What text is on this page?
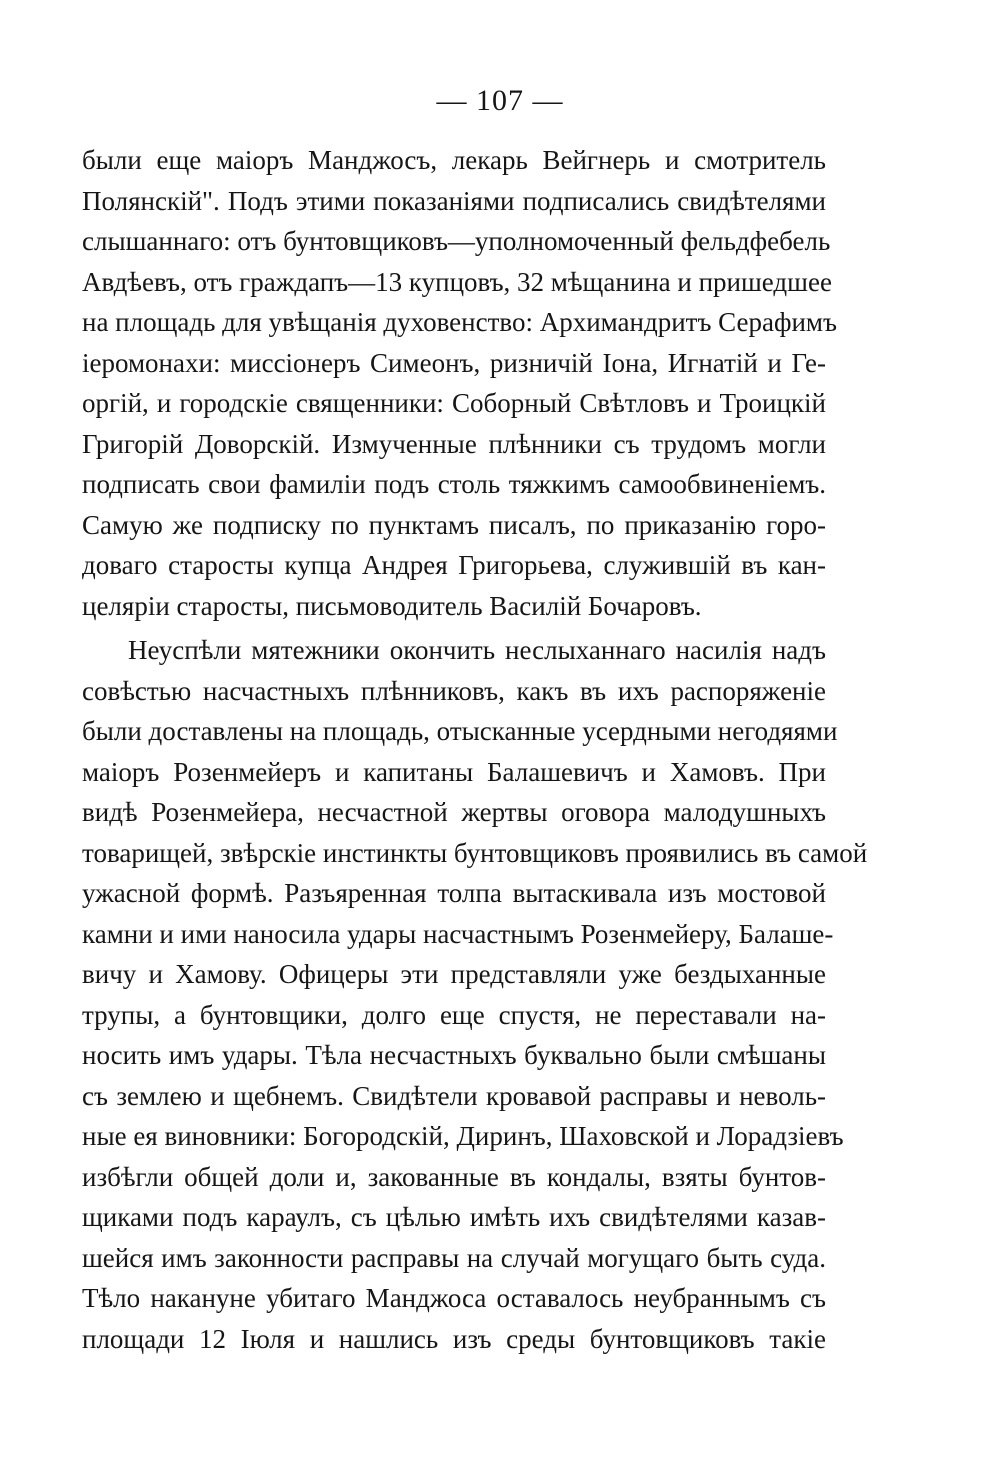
— 107 —
были еще маіоръ Манджосъ, лекарь Вейгнерь и смотритель
Полянскій". Подъ этими показаніями подписались свидѣтелями
слышаннаго: отъ бунтовщиковъ—уполномоченный фельдфебель
Авдѣевъ, отъ граждапъ—13 купцовъ, 32 мѣщанина и пришедшее
на площадь для увѣщанія духовенство: Архимандритъ Серафимъ
іеромонахи: миссіонеръ Симеонъ, ризничій Іона, Игнатій и Ге-
оргій, и городскіе священники: Соборный Свѣтловъ и Троицкій
Григорій Доворскій. Измученные плѣнники съ трудомъ могли
подписать свои фамиліи подъ столь тяжкимъ самообвиненіемъ.
Самую же подписку по пунктамъ писалъ, по приказанію горо-
доваго старосты купца Андрея Григорьева, служившій въ кан-
целяріи старосты, письмоводитель Василій Бочаровъ.
Неуспѣли мятежники окончить неслыханнаго насилія надъ
совѣстью насчастныхъ плѣнниковъ, какъ въ ихъ распоряженіе
были доставлены на площадь, отысканные усердными негодяями
маіоръ Розенмейеръ и капитаны Балашевичъ и Хамовъ. При
видѣ Розенмейера, несчастной жертвы оговора малодушныхъ
товарищей, звѣрскіе инстинкты бунтовщиковъ проявились въ самой
ужасной формѣ. Разъяренная толпа вытаскивала изъ мостовой
камни и ими наносила удары насчастнымъ Розенмейеру, Балаше-
вичу и Хамову. Офицеры эти представляли уже бездыханные
трупы, а бунтовщики, долго еще спустя, не переставали на-
носить имъ удары. Тѣла несчастныхъ буквально были смѣшаны
съ землею и щебнемъ. Свидѣтели кровавой расправы и неволь-
ные ея виновники: Богородскій, Диринъ, Шаховской и Лорадзіевъ
избѣгли общей доли и, закованные въ кондалы, взяты бунтов-
щиками подъ караулъ, съ цѣлью имѣть ихъ свидѣтелями казав-
шейся имъ законности расправы на случай могущаго быть суда.
Тѣло накануне убитаго Манджоса оставалось неубраннымъ съ
площади 12 Іюля и нашлись изъ среды бунтовщиковъ такіе
